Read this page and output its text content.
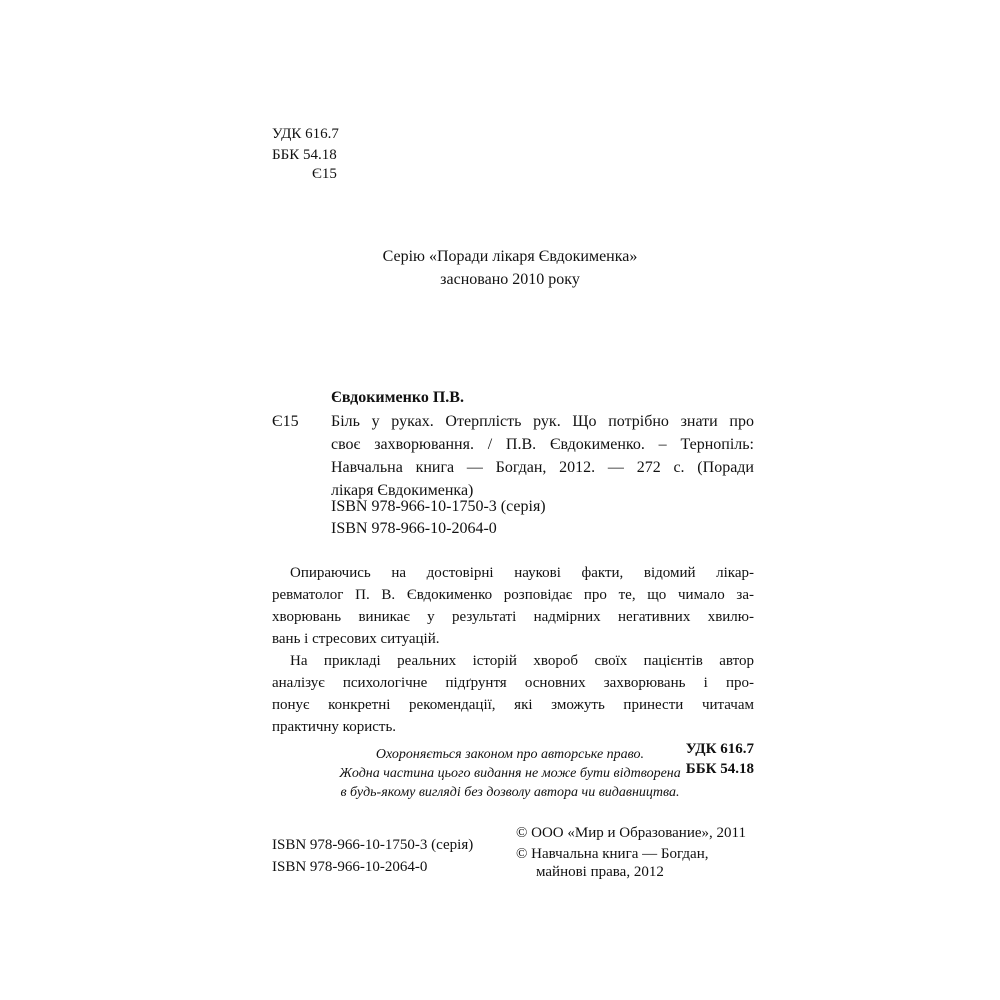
УДК 616.7
ББК 54.18
Є15
Серію «Поради лікаря Євдокименка»
засновано 2010 року
Євдокименко П.В.
Є15 Біль у руках. Отерплість рук. Що потрібно знати про
своє захворювання. / П.В. Євдокименко. ‒ Тернопіль:
Навчальна книга — Богдан, 2012. — 272 с. (Поради
лікаря Євдокименка)
ISBN 978-966-10-1750-3 (серія)
ISBN 978-966-10-2064-0
Опираючись на достовірні наукові факти, відомий лікар-
ревматолог П. В. Євдокименко розповідає про те, що чимало за-
хворювань виникає у результаті надмірних негативних хвилю-
вань і стресових ситуацій.
На прикладі реальних історій хвороб своїх пацієнтів автор
аналізує психологічне підґрунтя основних захворювань і про-
понує конкретні рекомендації, які зможуть принести читачам
практичну користь.
УДК 616.7
ББК 54.18
Охороняється законом про авторське право.
Жодна частина цього видання не може бути відтворена
в будь-якому вигляді без дозволу автора чи видавництва.
ISBN 978-966-10-1750-3 (серія)
ISBN 978-966-10-2064-0
© ООО «Мир и Образование», 2011
© Навчальна книга — Богдан,
майнові права, 2012
